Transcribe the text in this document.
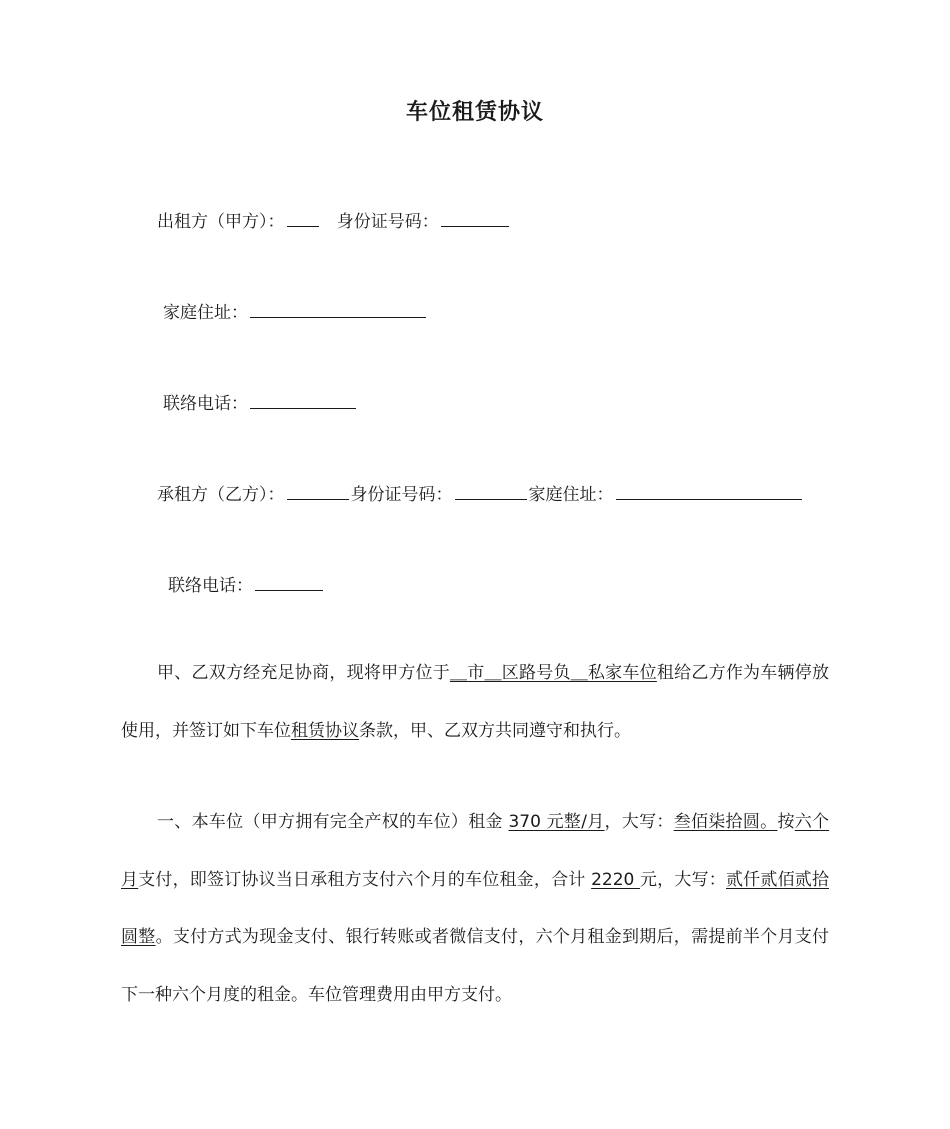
车位租赁协议

出租方（甲方）：	身份证号码：

家庭住址：

联络电话：

承租方（乙方）：	身份证号码：	家庭住址：

联络电话：

甲、乙双方经充足协商，现将甲方位于＿市＿区路号负＿私家车位租给乙方作为车辆停放使用，并签订如下车位租赁协议条款，甲、乙双方共同遵守和执行。

一、本车位（甲方拥有完全产权的车位）租金 370 元整/月，大写：叁佰柒拾圆。按六个月支付，即签订协议当日承租方支付六个月的车位租金，合计 2220 元，大写：贰仟贰佰贰拾圆整。支付方式为现金支付、银行转账或者微信支付，六个月租金到期后，需提前半个月支付下一种六个月度的租金。车位管理费用由甲方支付。
